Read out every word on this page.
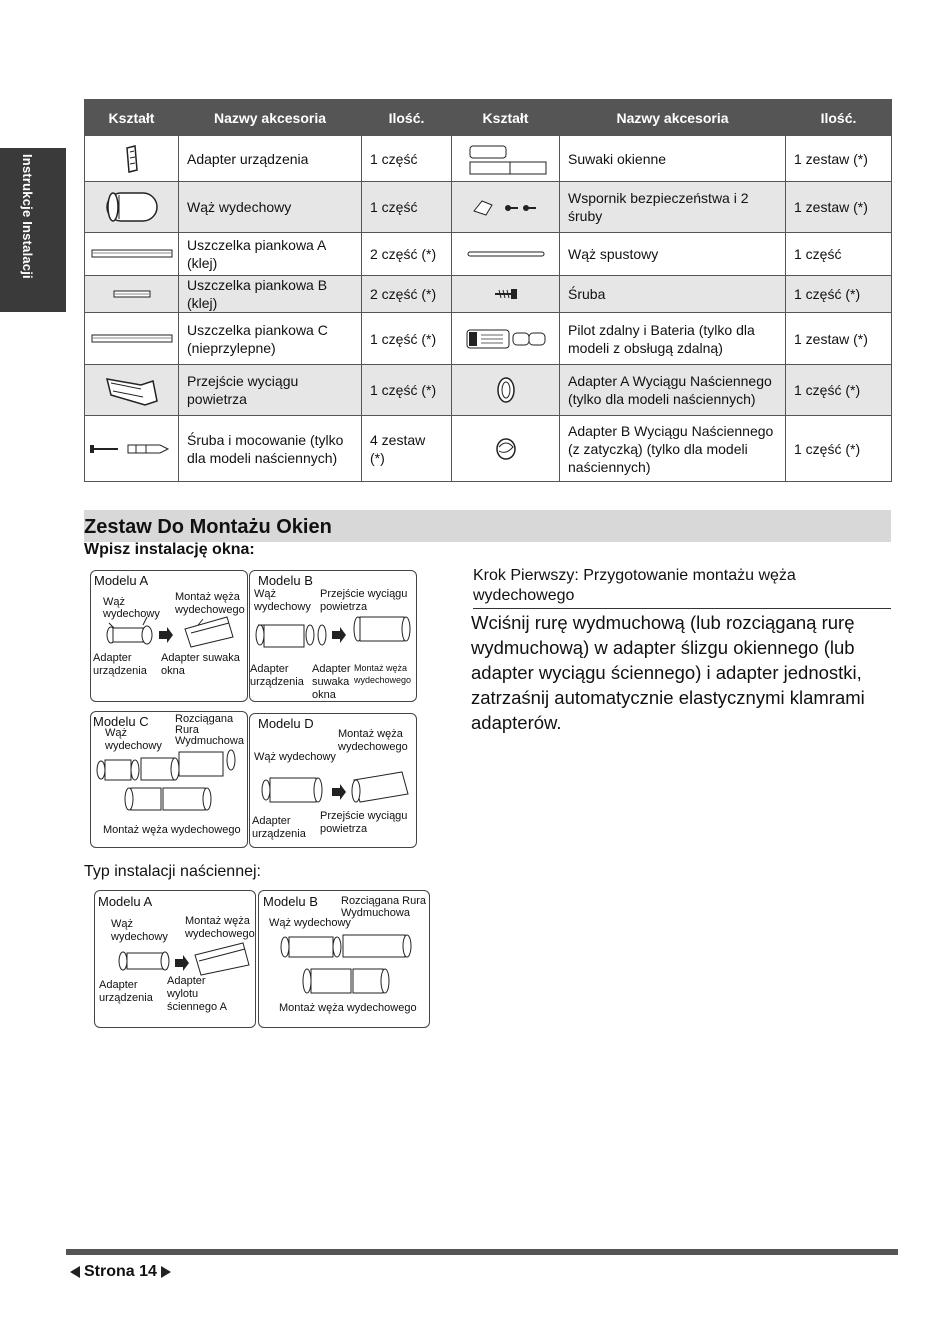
Instrukcje Instalacji
Kształt	Nazwy akcesoria	Ilość.	Kształt	Nazwy akcesoria	Ilość.

	Adapter urządzenia	1 część		Suwaki okienne	1 zestaw (*)

	Wąż wydechowy	1 część		Wspornik bezpieczeństwa i 2 śruby	1 zestaw (*)

	Uszczelka piankowa A (klej)	2 część (*)		Wąż spustowy	1 część

	Uszczelka piankowa B (klej)	2 część (*)		Śruba	1 część (*)

	Uszczelka piankowa C (nieprzylepne)	1 część (*)		Pilot zdalny i Bateria (tylko dla modeli z obsługą zdalną)	1 zestaw (*)

	Przejście wyciągu powietrza	1 część (*)		Adapter A Wyciągu Naściennego (tylko dla modeli naściennych)	1 część (*)

	Śruba i mocowanie (tylko dla modeli naściennych)	4 zestaw (*)		Adapter B Wyciągu Naściennego (z zatyczką) (tylko dla modeli naściennych)	1 część (*)
Zestaw Do Montażu Okien
Wpisz instalację okna:
Modelu A
Wąż
wydechowy
Montaż węża
wydechowego
Adapter
urządzenia
Adapter suwaka
okna
Modelu B
Wąż
wydechowy
Przejście wyciągu
powietrza
Adapter
urządzenia
Adapter
suwaka
okna
Montaż węża
wydechowego
Modelu C
Wąż
wydechowy
Rozciągana
Rura
Wydmuchowa
Montaż węża wydechowego
Modelu D
Wąż wydechowy
Montaż węża
wydechowego
Adapter
urządzenia
Przejście wyciągu
powietrza
Krok Pierwszy: Przygotowanie montażu węża wydechowego
Wciśnij rurę wydmuchową (lub rozciąganą rurę wydmuchową) w adapter ślizgu okiennego (lub adapter wyciągu ściennego) i adapter jednostki, zatrzaśnij automatycznie elastycznymi klamrami adapterów.
Typ instalacji naściennej:
Modelu A
Wąż
wydechowy
Montaż węża
wydechowego
Adapter
urządzenia
Adapter
wylotu
ściennego A
Modelu B Rozciągana Rura
Wydmuchowa
Wąż wydechowy
Montaż węża wydechowego
Strona 14
